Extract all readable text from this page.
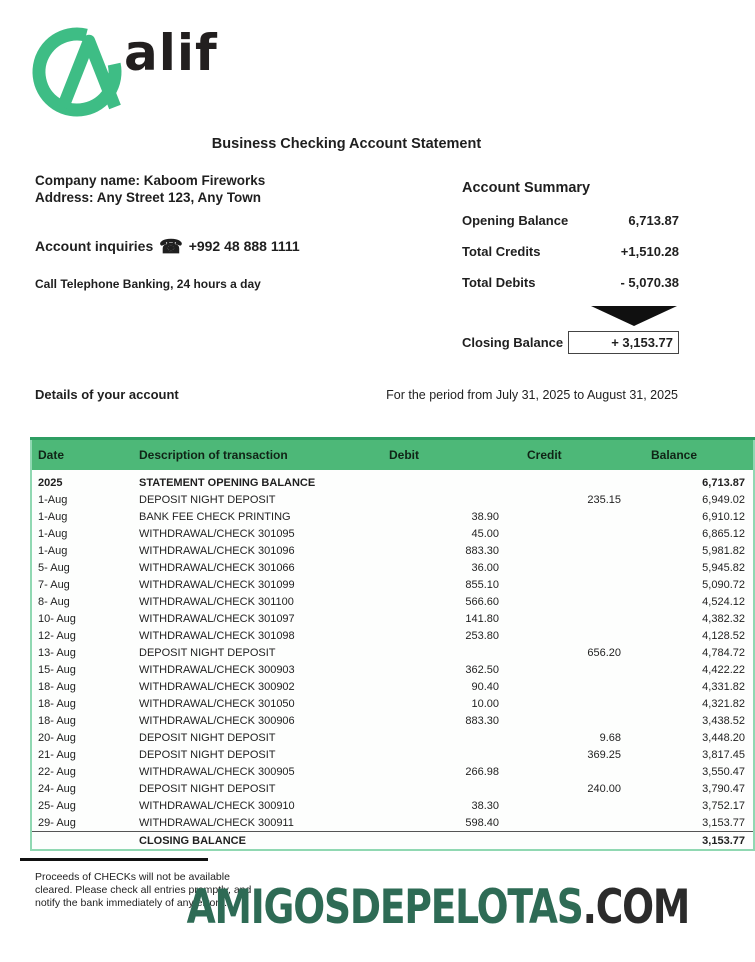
alif
Business Checking Account Statement
Company name: Kaboom Fireworks
Address: Any Street 123, Any Town
Account inquiries ☎ +992 48 888 1111
Call Telephone Banking, 24 hours a day
Account Summary
Opening Balance	6,713.87
Total Credits	+1,510.28
Total Debits	- 5,070.38
Closing Balance	+ 3,153.77
Details of your account	For the period from July 31, 2025 to August 31, 2025
Date	Description of transaction	Debit	Credit	Balance
2025	STATEMENT OPENING BALANCE			6,713.87
1-Aug	DEPOSIT NIGHT DEPOSIT		235.15	6,949.02
1-Aug	BANK FEE CHECK PRINTING	38.90		6,910.12
1-Aug	WITHDRAWAL/CHECK 301095	45.00		6,865.12
1-Aug	WITHDRAWAL/CHECK 301096	883.30		5,981.82
5- Aug	WITHDRAWAL/CHECK 301066	36.00		5,945.82
7- Aug	WITHDRAWAL/CHECK 301099	855.10		5,090.72
8- Aug	WITHDRAWAL/CHECK 301100	566.60		4,524.12
10- Aug	WITHDRAWAL/CHECK 301097	141.80		4,382.32
12- Aug	WITHDRAWAL/CHECK 301098	253.80		4,128.52
13- Aug	DEPOSIT NIGHT DEPOSIT		656.20	4,784.72
15- Aug	WITHDRAWAL/CHECK 300903	362.50		4,422.22
18- Aug	WITHDRAWAL/CHECK 300902	90.40		4,331.82
18- Aug	WITHDRAWAL/CHECK 301050	10.00		4,321.82
18- Aug	WITHDRAWAL/CHECK 300906	883.30		3,438.52
20- Aug	DEPOSIT NIGHT DEPOSIT		9.68	3,448.20
21- Aug	DEPOSIT NIGHT DEPOSIT		369.25	3,817.45
22- Aug	WITHDRAWAL/CHECK 300905	266.98		3,550.47
24- Aug	DEPOSIT NIGHT DEPOSIT		240.00	3,790.47
25- Aug	WITHDRAWAL/CHECK 300910	38.30		3,752.17
29- Aug	WITHDRAWAL/CHECK 300911	598.40		3,153.77
	CLOSING BALANCE			3,153.77
Proceeds of CHECKs will not be available
cleared. Please check all entries promptly, and
notify the bank immediately of any errors.
AMIGOSDEPELOTAS.COM
